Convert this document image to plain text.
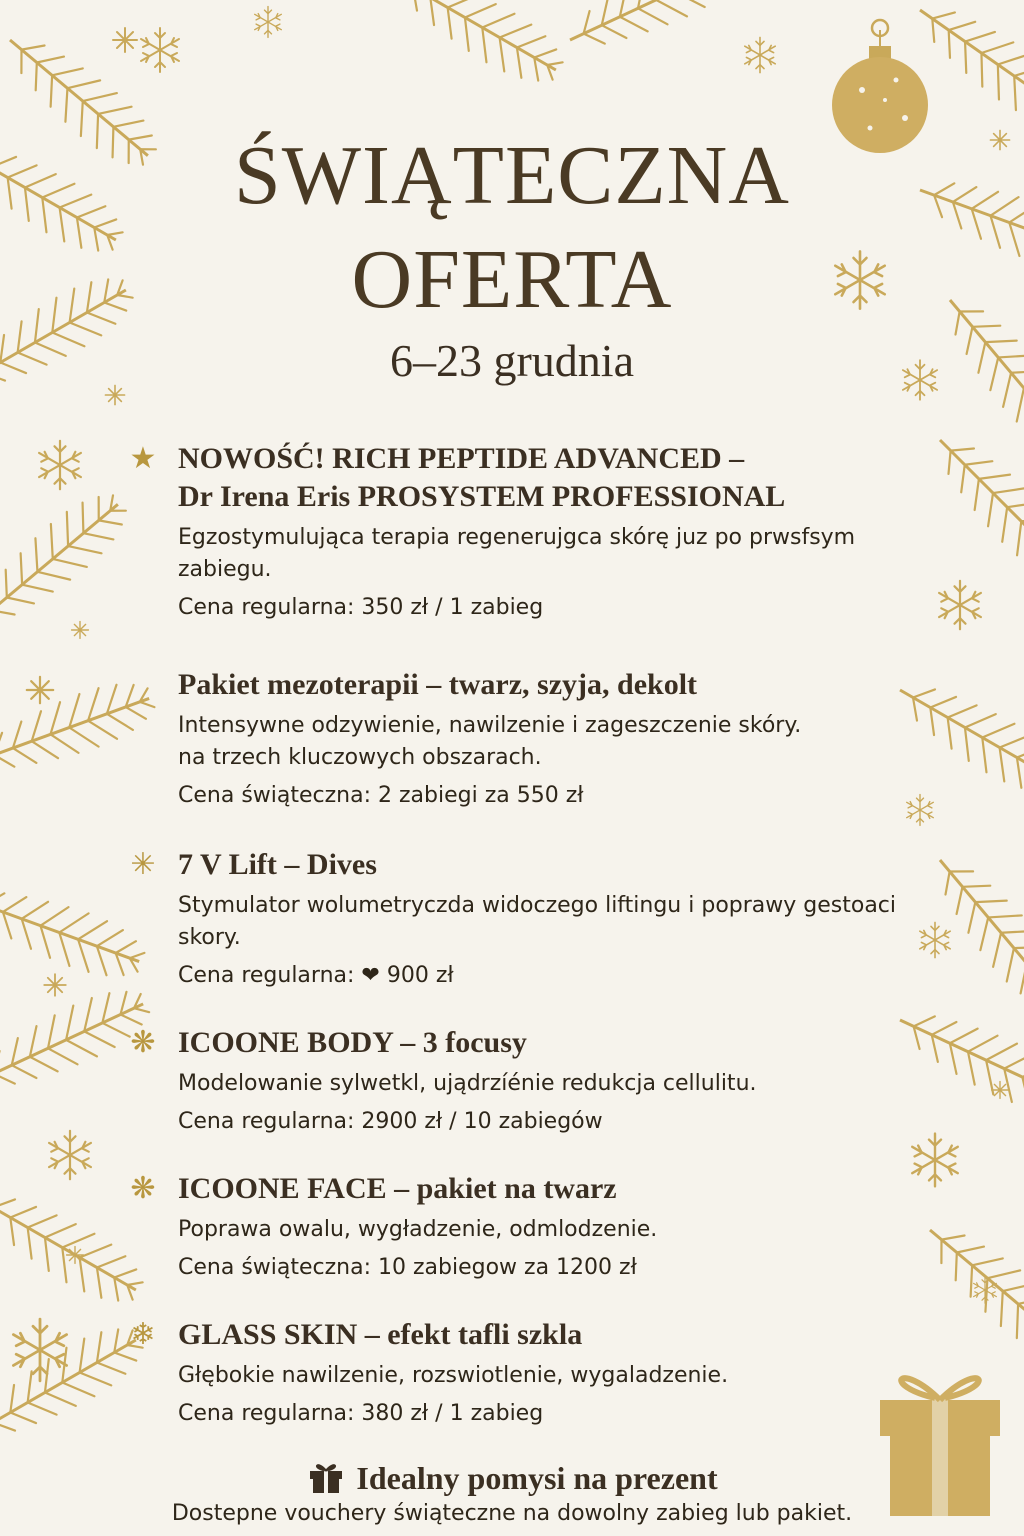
ŚWIĄTECZNA
OFERTA
6–23 grudnia
★ NOWOŚĆ! RICH PEPTIDE ADVANCED –
Dr Irena Eris PROSYSTEM PROFESSIONAL
Egzostymulująca terapia regenerujgca skórę juz po prwsfsym zabiegu.
Cena regularna: 350 zł / 1 zabieg
Pakiet mezoterapii – twarz, szyja, dekolt
Intensywne odzywienie, nawilzenie i zageszczenie skóry.
na trzech kluczowych obszarach.
Cena świąteczna: 2 zabiegi za 550 zł
✳ 7 V Lift – Dives
Stymulator wolumetryczda widoczego liftingu i poprawy gestoaci skory.
Cena regularna: ❤ 900 zł
❋ ICOONE BODY – 3 focusy
Modelowanie sylwetkl, ujądrzíénie redukcja cellulitu.
Cena regularna: 2900 zł / 10 zabiegów
❋ ICOONE FACE – pakiet na twarz
Poprawa owalu, wygładzenie, odmlodzenie.
Cena świąteczna: 10 zabiegow za 1200 zł
❄ GLASS SKIN – efekt tafli szkla
Głębokie nawilzenie, rozswiotlenie, wygaladzenie.
Cena regularna: 380 zł / 1 zabieg
Idealny pomysi na prezent
Dostepne vouchery świąteczne na dowolny zabieg lub pakiet.
